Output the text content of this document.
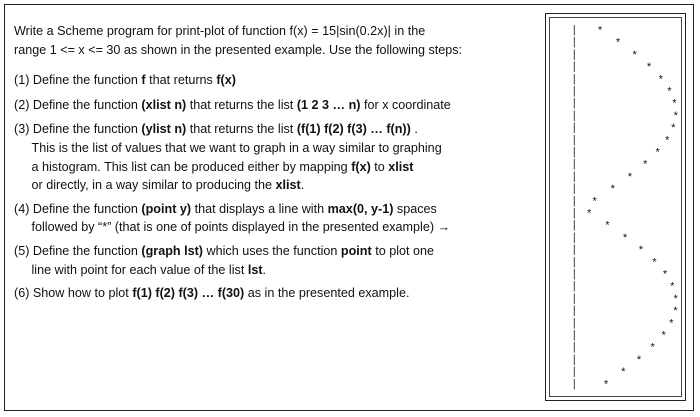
Write a Scheme program for print-plot of function f(x) = 15|sin(0.2x)| in the
range 1 <= x <= 30 as shown in the presented example. Use the following steps:

(1) Define the function f that returns f(x)

(2) Define the function (xlist n) that returns the list (1 2 3 … n) for x coordinate

(3) Define the function (ylist n) that returns the list (f(1) f(2) f(3) … f(n)) .
This is the list of values that we want to graph in a way similar to graphing
a histogram. This list can be produced either by mapping f(x) to xlist
or directly, in a way similar to producing the xlist.

(4) Define the function (point y) that displays a line with max(0, y-1) spaces
followed by “*” (that is one of points displayed in the presented example) →

(5) Define the function (graph lst) which uses the function point to plot one
line with point for each value of the list lst.

(6) Show how to plot f(1) f(2) f(3) … f(30) as in the presented example.

| *
|	*
|	*
|	*
|	*
|	*
|	*
|	*
|	*
|	*
|	*
|	*
|	*
|	*
| *
| *
| *
|	*
|	*
|	*
|	*
|	*
|	*
|	*
|	*
|	*
|	*
|	*
|	*
| *
